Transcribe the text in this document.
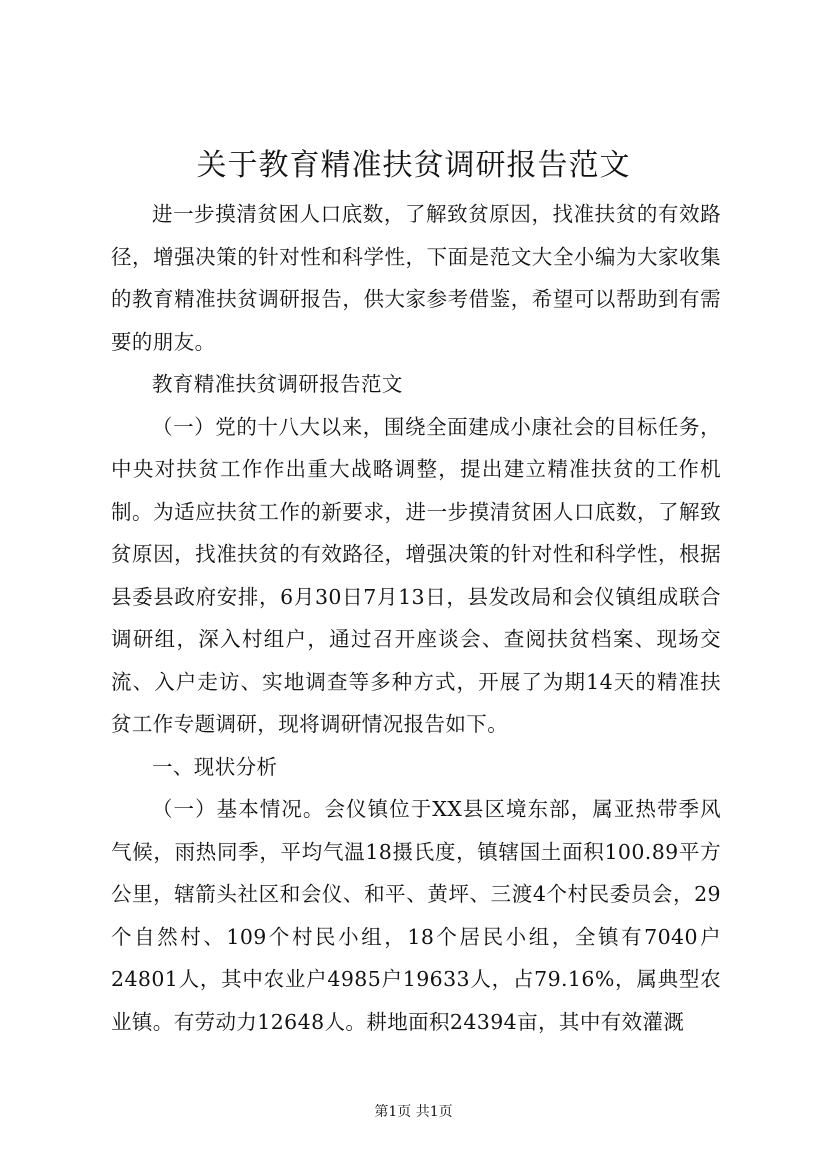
关于教育精准扶贫调研报告范文

进一步摸清贫困人口底数，了解致贫原因，找准扶贫的有效路径，增强决策的针对性和科学性，下面是范文大全小编为大家收集的教育精准扶贫调研报告，供大家参考借鉴，希望可以帮助到有需要的朋友。

教育精准扶贫调研报告范文

（一）党的十八大以来，围绕全面建成小康社会的目标任务，中央对扶贫工作作出重大战略调整，提出建立精准扶贫的工作机制。为适应扶贫工作的新要求，进一步摸清贫困人口底数，了解致贫原因，找准扶贫的有效路径，增强决策的针对性和科学性，根据县委县政府安排，6月30日7月13日，县发改局和会仪镇组成联合调研组，深入村组户，通过召开座谈会、查阅扶贫档案、现场交流、入户走访、实地调查等多种方式，开展了为期14天的精准扶贫工作专题调研，现将调研情况报告如下。

一、现状分析

（一）基本情况。会仪镇位于XX县区境东部，属亚热带季风气候，雨热同季，平均气温18摄氏度，镇辖国土面积100.89平方公里，辖箭头社区和会仪、和平、黄坪、三渡4个村民委员会，29个自然村、109个村民小组，18个居民小组，全镇有7040户24801人，其中农业户4985户19633人，占79.16%，属典型农业镇。有劳动力12648人。耕地面积24394亩，其中有效灌溉

第1页 共1页
